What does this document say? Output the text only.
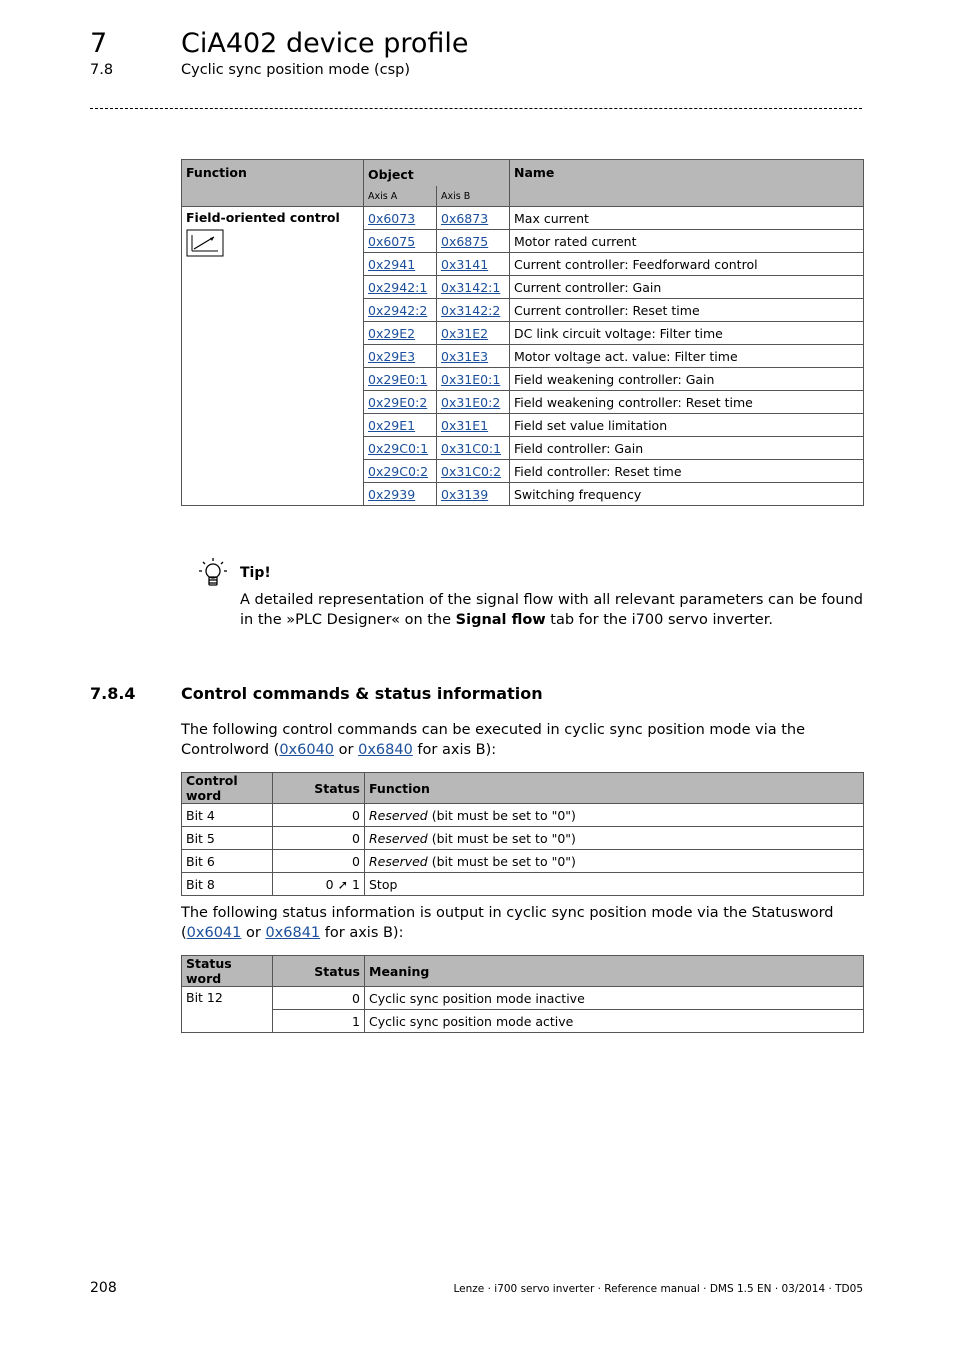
7	CiA402 device profile
7.8	Cyclic sync position mode (csp)
Function	Object		Name
	Axis A	Axis B	

Field-oriented control	0x6073	0x6873	Max current
	0x6075	0x6875	Motor rated current
	0x2941	0x3141	Current controller: Feedforward control
	0x2942:1	0x3142:1	Current controller: Gain
	0x2942:2	0x3142:2	Current controller: Reset time
	0x29E2	0x31E2	DC link circuit voltage: Filter time
	0x29E3	0x31E3	Motor voltage act. value: Filter time
	0x29E0:1	0x31E0:1	Field weakening controller: Gain
	0x29E0:2	0x31E0:2	Field weakening controller: Reset time
	0x29E1	0x31E1	Field set value limitation
	0x29C0:1	0x31C0:1	Field controller: Gain
	0x29C0:2	0x31C0:2	Field controller: Reset time
	0x2939	0x3139	Switching frequency
Tip!
A detailed representation of the signal flow with all relevant parameters can be found in the »PLC Designer« on the Signal flow tab for the i700 servo inverter.
7.8.4	Control commands & status information
The following control commands can be executed in cyclic sync position mode via the Controlword (0x6040 or 0x6840 for axis B):
Control word	Status	Function
Bit 4	0	Reserved (bit must be set to "0")
Bit 5	0	Reserved (bit must be set to "0")
Bit 6	0	Reserved (bit must be set to "0")
Bit 8	0 ➚ 1	Stop
The following status information is output in cyclic sync position mode via the Statusword (0x6041 or 0x6841 for axis B):
Status word	Status	Meaning
Bit 12	0	Cyclic sync position mode inactive
	1	Cyclic sync position mode active
208	Lenze · i700 servo inverter · Reference manual · DMS 1.5 EN · 03/2014 · TD05
